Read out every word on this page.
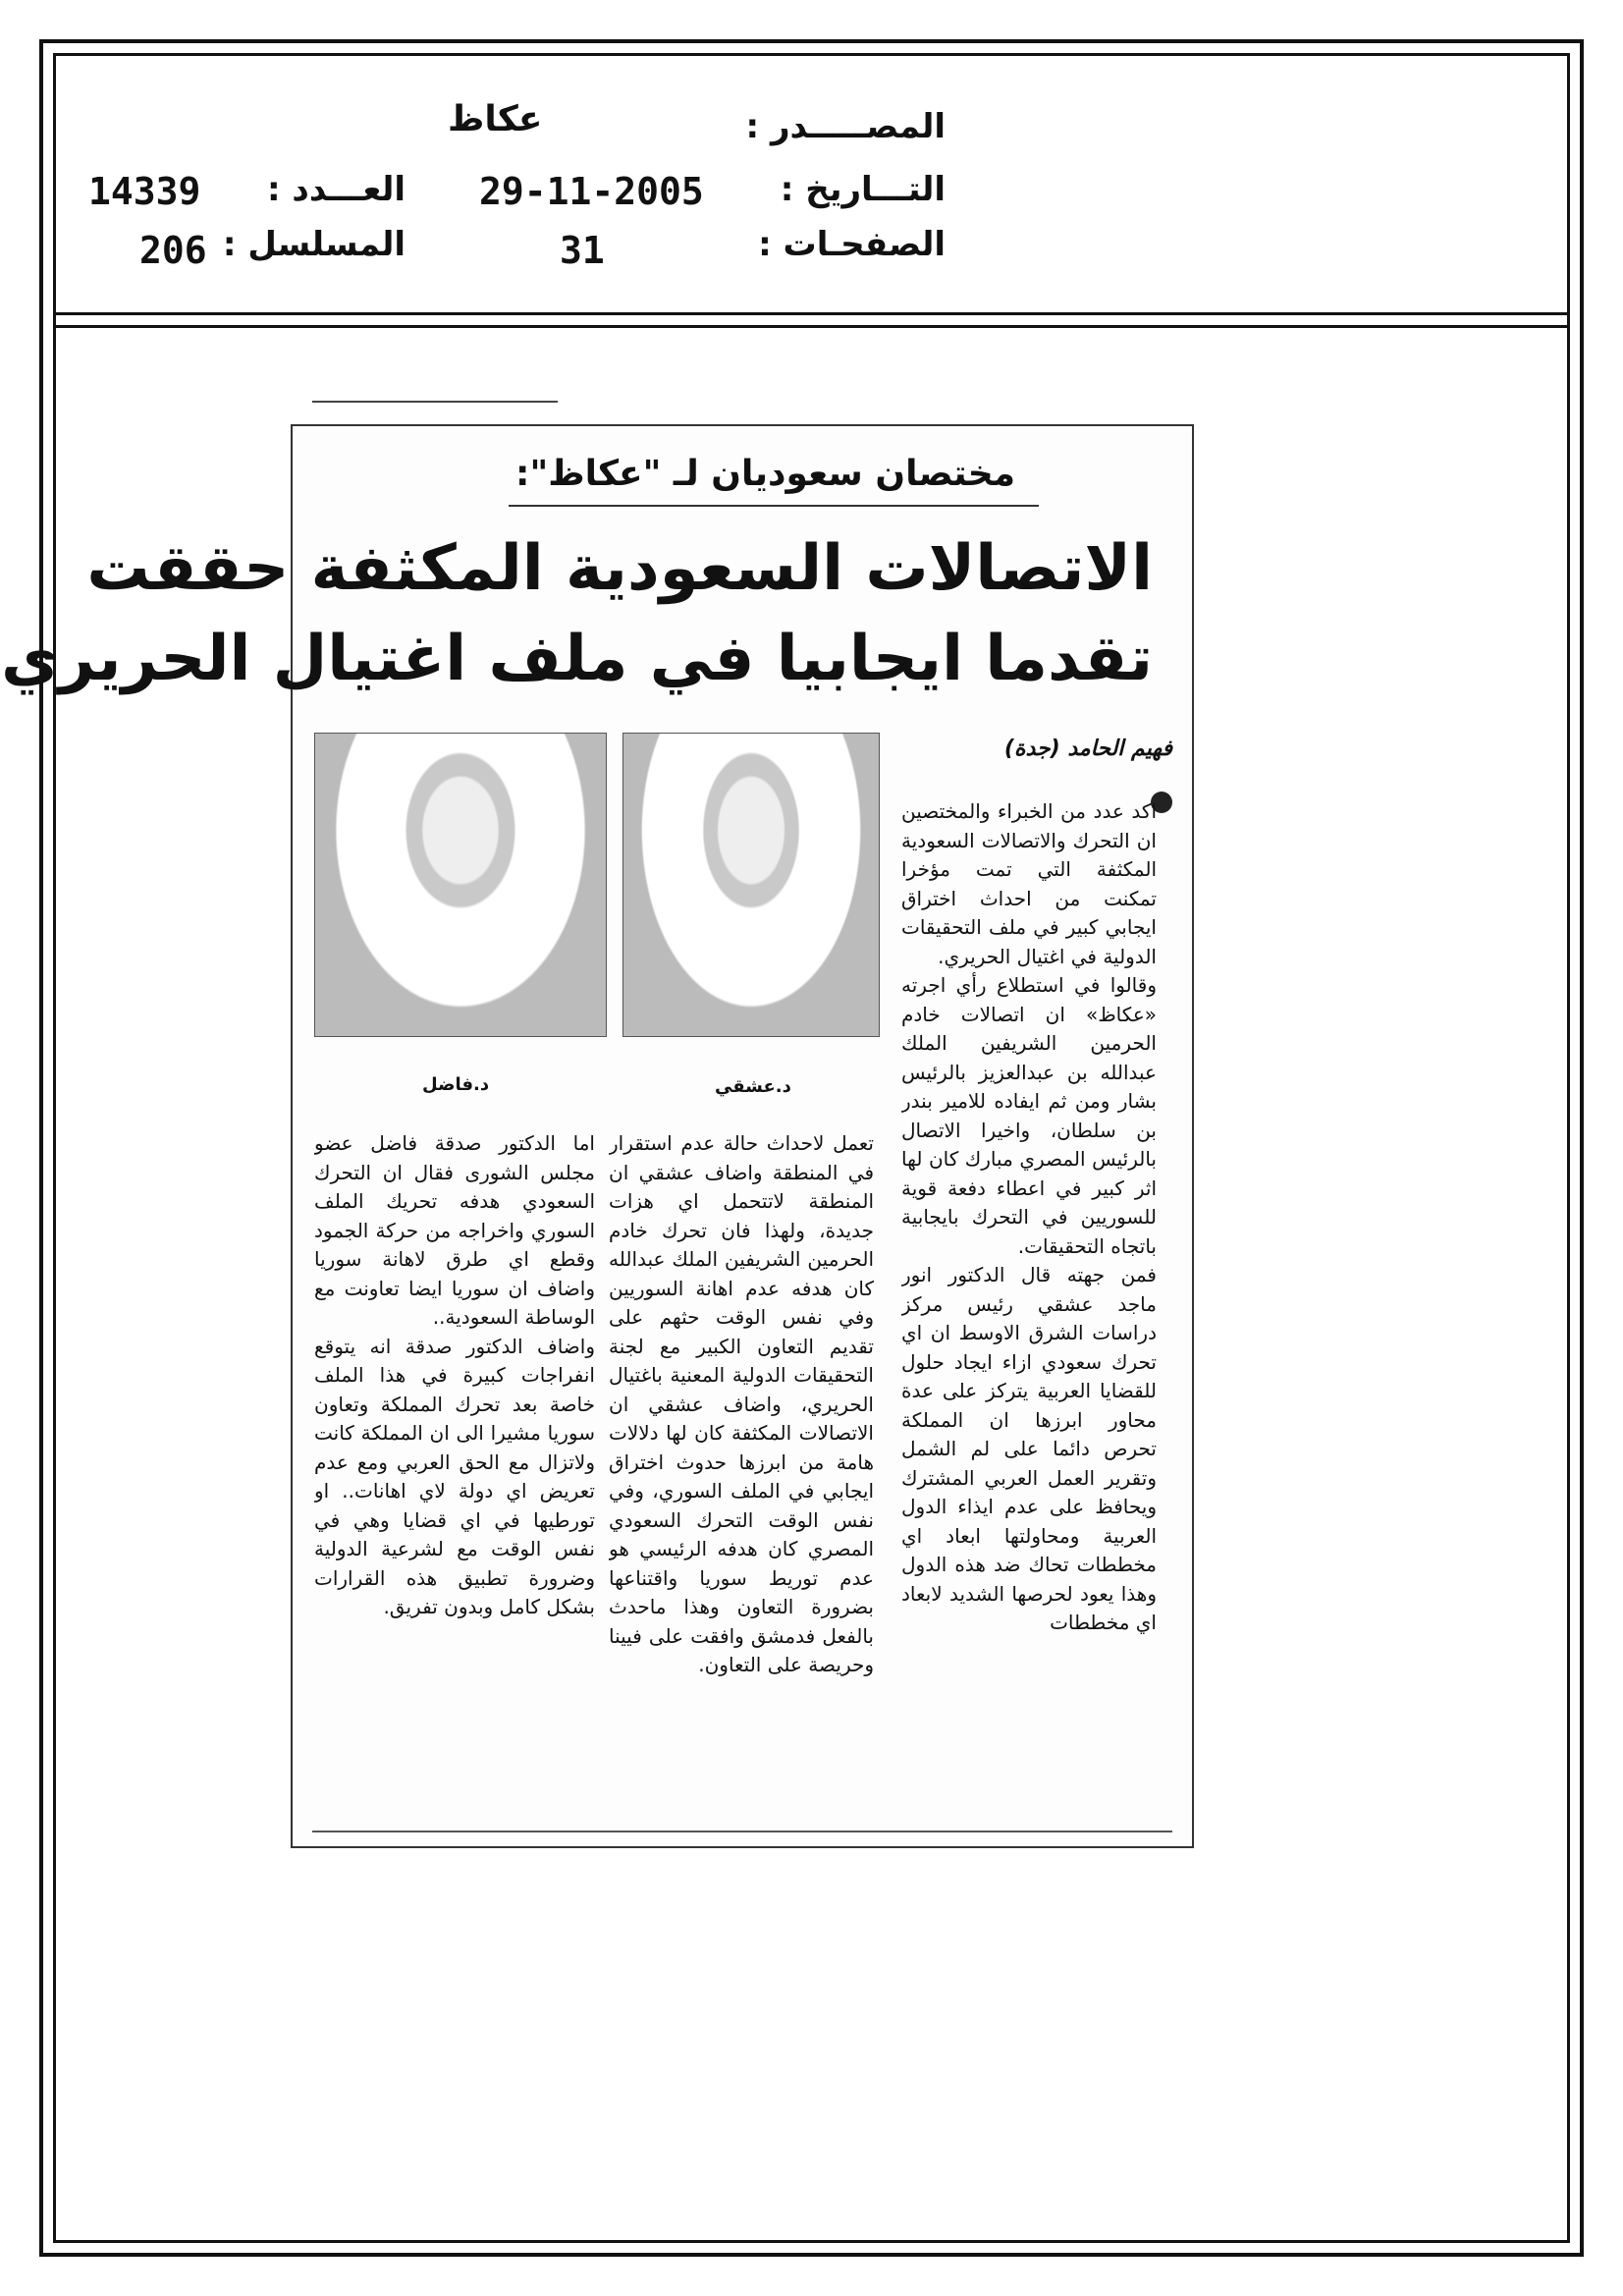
المصـــــدر :
عكاظ
التـــاريخ :
29-11-2005
العـــدد :
14339
الصفحـات :
31
المسلسل :
206
مختصان سعوديان لـ "عكاظ":
الاتصالات السعودية المكثفة حققت
تقدما ايجابيا في ملف اغتيال الحريري
فهيم الحامد (جدة)
د.عشقي
د.فاضل
اكد عدد من الخبراء والمختصين ان التحرك والاتصالات السعودية المكثفة التي تمت مؤخرا تمكنت من احداث اختراق ايجابي كبير في ملف التحقيقات الدولية في اغتيال الحريري.
وقالوا في استطلاع رأي اجرته «عكاظ» ان اتصالات خادم الحرمين الشريفين الملك عبدالله بن عبدالعزيز بالرئيس بشار ومن ثم ايفاده للامير بندر بن سلطان، واخيرا الاتصال بالرئيس المصري مبارك كان لها اثر كبير في اعطاء دفعة قوية للسوريين في التحرك بايجابية باتجاه التحقيقات.
فمن جهته قال الدكتور انور ماجد عشقي رئيس مركز دراسات الشرق الاوسط ان اي تحرك سعودي ازاء ايجاد حلول للقضايا العربية يتركز على عدة محاور ابرزها ان المملكة تحرص دائما على لم الشمل وتقرير العمل العربي المشترك ويحافظ على عدم ايذاء الدول العربية ومحاولتها ابعاد اي مخططات تحاك ضد هذه الدول وهذا يعود لحرصها الشديد لابعاد اي مخططات
تعمل لاحداث حالة عدم استقرار في المنطقة واضاف عشقي ان المنطقة لاتتحمل اي هزات جديدة، ولهذا فان تحرك خادم الحرمين الشريفين الملك عبدالله كان هدفه عدم اهانة السوريين وفي نفس الوقت حثهم على تقديم التعاون الكبير مع لجنة التحقيقات الدولية المعنية باغتيال الحريري، واضاف عشقي ان الاتصالات المكثفة كان لها دلالات هامة من ابرزها حدوث اختراق ايجابي في الملف السوري، وفي نفس الوقت التحرك السعودي المصري كان هدفه الرئيسي هو عدم توريط سوريا واقتناعها بضرورة التعاون وهذا ماحدث بالفعل فدمشق وافقت على فيينا وحريصة على التعاون.
اما الدكتور صدقة فاضل عضو مجلس الشورى فقال ان التحرك السعودي هدفه تحريك الملف السوري واخراجه من حركة الجمود وقطع اي طرق لاهانة سوريا واضاف ان سوريا ايضا تعاونت مع الوساطة السعودية..
واضاف الدكتور صدقة انه يتوقع انفراجات كبيرة في هذا الملف خاصة بعد تحرك المملكة وتعاون سوريا مشيرا الى ان المملكة كانت ولاتزال مع الحق العربي ومع عدم تعريض اي دولة لاي اهانات.. او تورطيها في اي قضايا وهي في نفس الوقت مع لشرعية الدولية وضرورة تطبيق هذه القرارات بشكل كامل وبدون تفريق.
